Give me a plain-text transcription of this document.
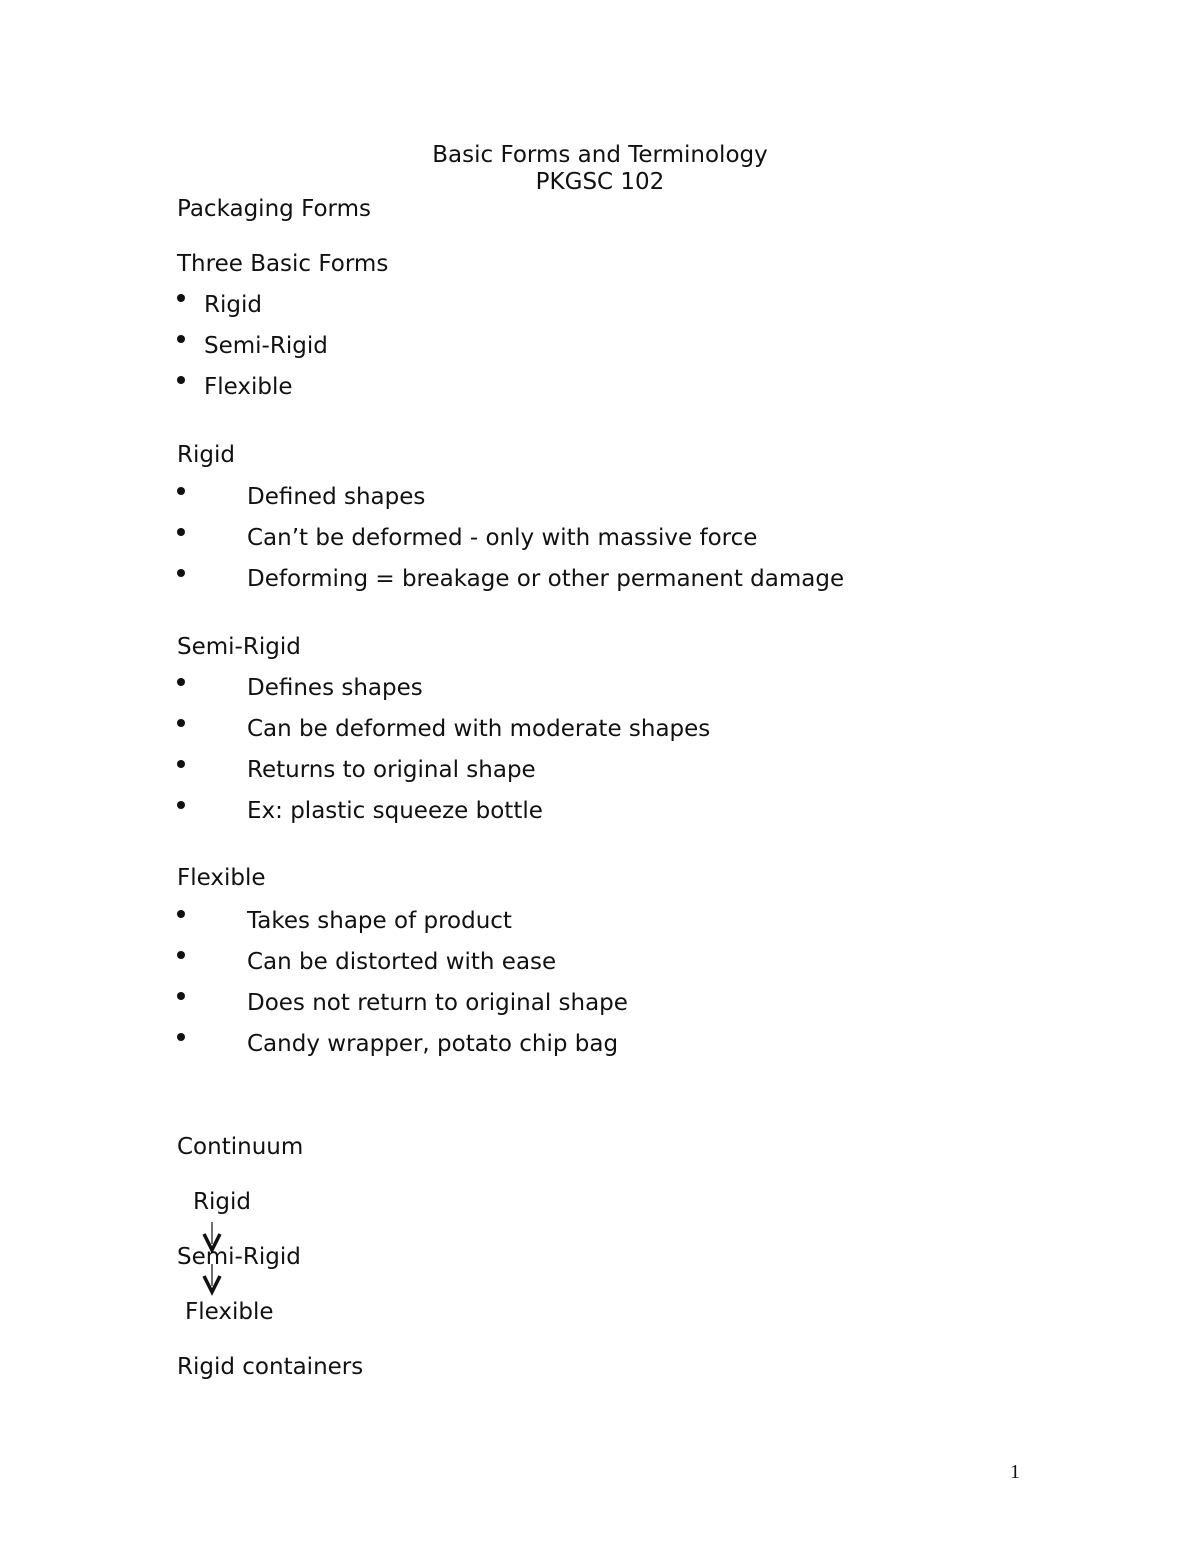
Basic Forms and Terminology
PKGSC 102
Packaging Forms
Three Basic Forms
Rigid
Semi-Rigid
Flexible
Rigid
Defined shapes
Can’t be deformed - only with massive force
Deforming = breakage or other permanent damage
Semi-Rigid
Defines shapes
Can be deformed with moderate shapes
Returns to original shape
Ex: plastic squeeze bottle
Flexible
Takes shape of product
Can be distorted with ease
Does not return to original shape
Candy wrapper, potato chip bag
Continuum
Rigid
Semi-Rigid
Flexible
Rigid containers
1
